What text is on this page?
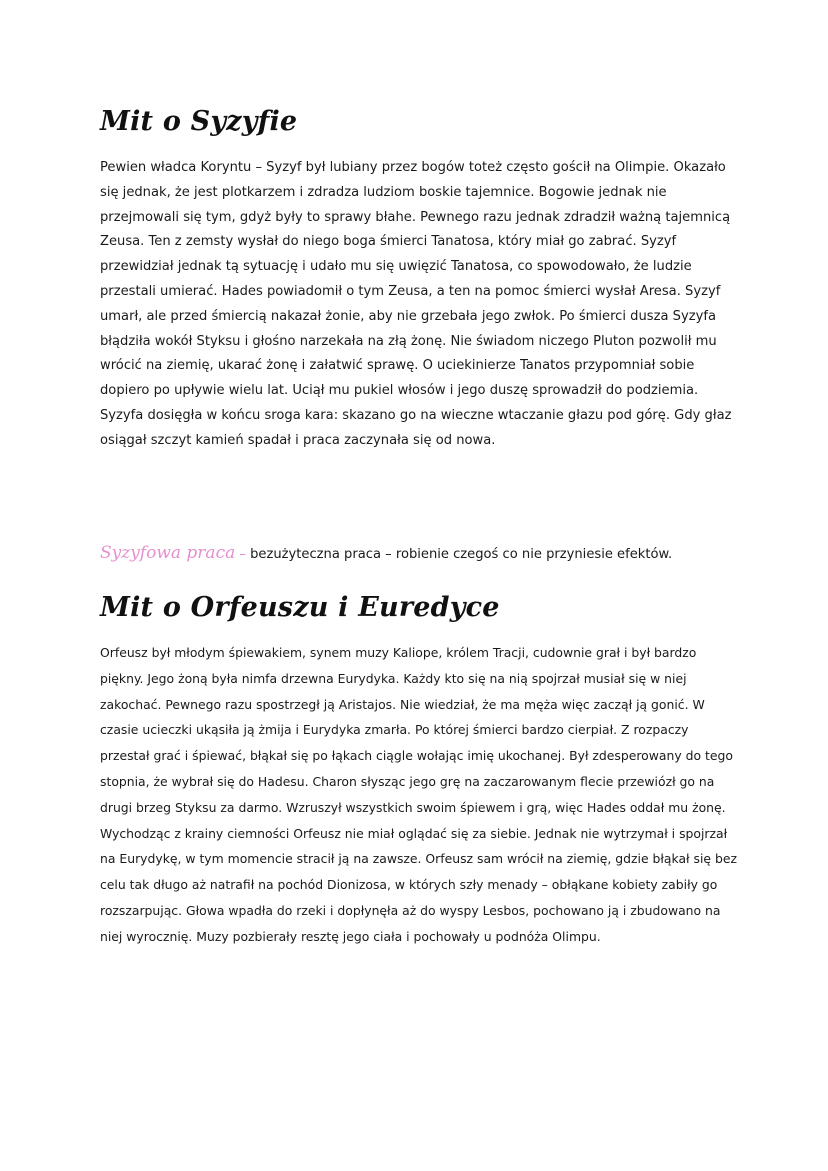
Mit o Syzyfie

Pewien władca Koryntu – Syzyf był lubiany przez bogów toteż często gościł na Olimpie. Okazało się jednak, że jest plotkarzem i zdradza ludziom boskie tajemnice. Bogowie jednak nie przejmowali się tym, gdyż były to sprawy błahe. Pewnego razu jednak zdradził ważną tajemnicą Zeusa. Ten z zemsty wysłał do niego boga śmierci Tanatosa, który miał go zabrać. Syzyf przewidział jednak tą sytuację i udało mu się uwięzić Tanatosa, co spowodowało, że ludzie przestali umierać. Hades powiadomił o tym Zeusa, a ten na pomoc śmierci wysłał Aresa. Syzyf umarł, ale przed śmiercią nakazał żonie, aby nie grzebała jego zwłok. Po śmierci dusza Syzyfa błądziła wokół Styksu i głośno narzekała na złą żonę. Nie świadom niczego Pluton pozwolił mu wrócić na ziemię, ukarać żonę i załatwić sprawę. O uciekinierze Tanatos przypomniał sobie dopiero po upływie wielu lat. Uciął mu pukiel włosów i jego duszę sprowadził do podziemia. Syzyfa dosięgła w końcu sroga kara: skazano go na wieczne wtaczanie głazu pod górę. Gdy głaz osiągał szczyt kamień spadał i praca zaczynała się od nowa.

Syzyfowa praca – bezużyteczna praca – robienie czegoś co nie przyniesie efektów.

Mit o Orfeuszu i Euredyce

Orfeusz był młodym śpiewakiem, synem muzy Kaliope, królem Tracji, cudownie grał i był bardzo piękny. Jego żoną była nimfa drzewna Eurydyka. Każdy kto się na nią spojrzał musiał się w niej zakochać. Pewnego razu spostrzegł ją Aristajos. Nie wiedział, że ma męża więc zaczął ją gonić. W czasie ucieczki ukąsiła ją żmija i Eurydyka zmarła. Po której śmierci bardzo cierpiał. Z rozpaczy przestał grać i śpiewać, błąkał się po łąkach ciągle wołając imię ukochanej. Był zdesperowany do tego stopnia, że wybrał się do Hadesu. Charon słysząc jego grę na zaczarowanym flecie przewiózł go na drugi brzeg Styksu za darmo. Wzruszył wszystkich swoim śpiewem i grą, więc Hades oddał mu żonę. Wychodząc z krainy ciemności Orfeusz nie miał oglądać się za siebie. Jednak nie wytrzymał i spojrzał na Eurydykę, w tym momencie stracił ją na zawsze. Orfeusz sam wrócił na ziemię, gdzie błąkał się bez celu tak długo aż natrafił na pochód Dionizosa, w których szły menady – obłąkane kobiety zabiły go rozszarpując. Głowa wpadła do rzeki i dopłynęła aż do wyspy Lesbos, pochowano ją i zbudowano na niej wyrocznię. Muzy pozbierały resztę jego ciała i pochowały u podnóża Olimpu.
